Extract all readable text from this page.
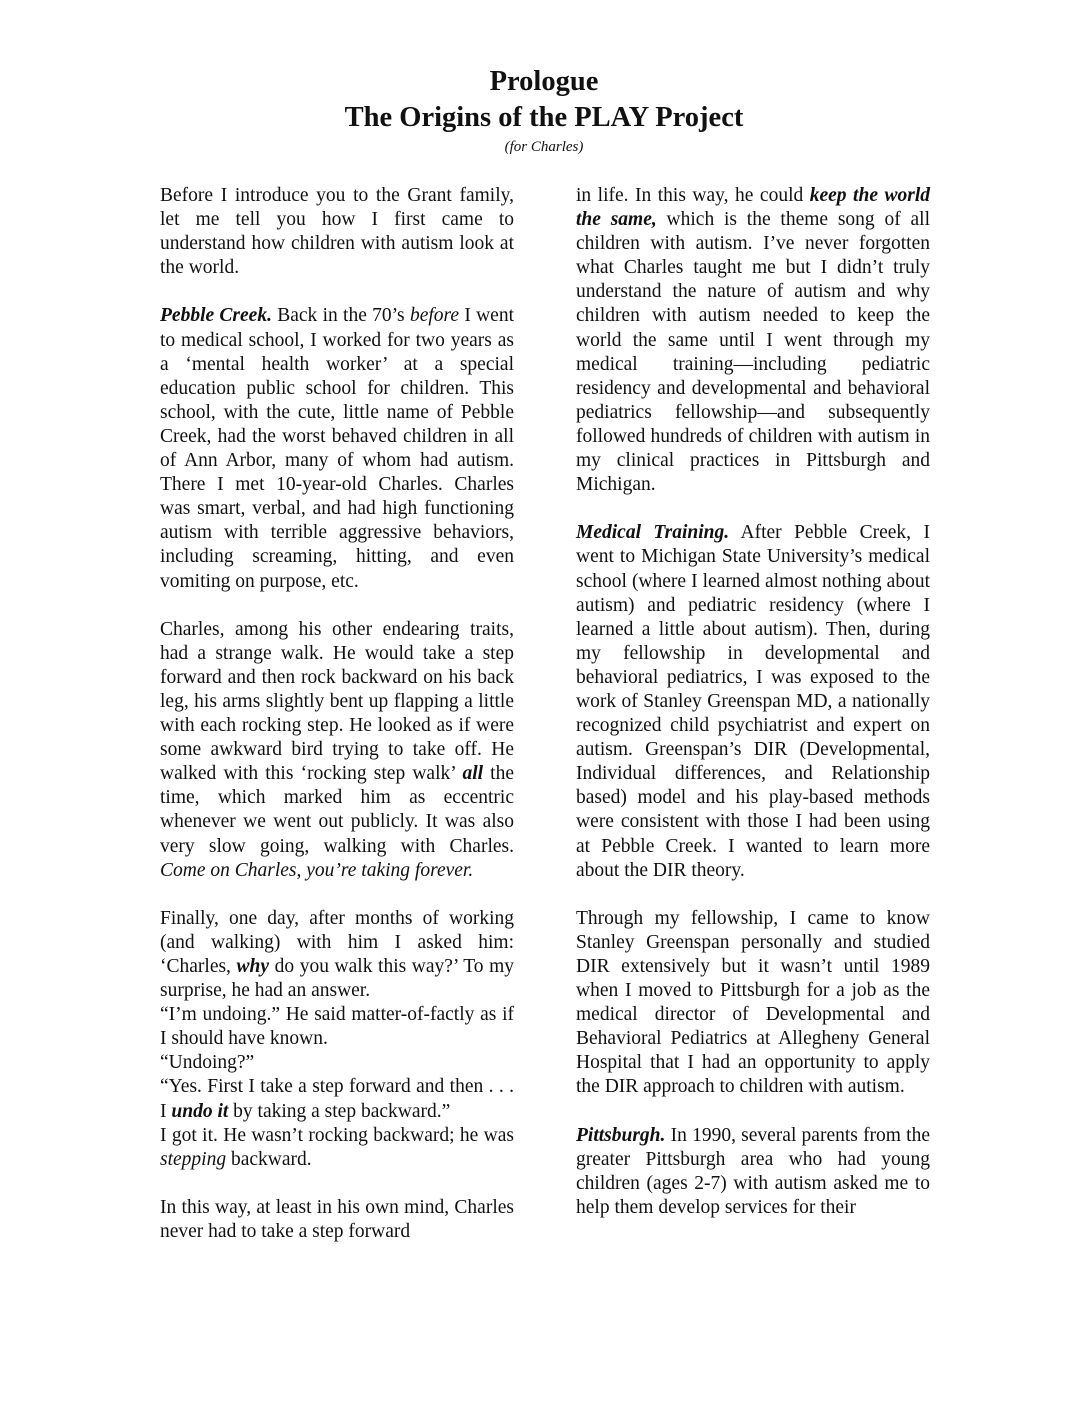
Prologue
The Origins of the PLAY Project
(for Charles)

Before I introduce you to the Grant family, let me tell you how I first came to understand how children with autism look at the world.

Pebble Creek. Back in the 70’s before I went to medical school, I worked for two years as a ‘mental health worker’ at a special education public school for children. This school, with the cute, little name of Pebble Creek, had the worst behaved children in all of Ann Arbor, many of whom had autism. There I met 10-year-old Charles. Charles was smart, verbal, and had high functioning autism with terrible aggressive behaviors, including screaming, hitting, and even vomiting on purpose, etc.

Charles, among his other endearing traits, had a strange walk. He would take a step forward and then rock backward on his back leg, his arms slightly bent up flapping a little with each rocking step. He looked as if were some awkward bird trying to take off. He walked with this ‘rocking step walk’ all the time, which marked him as eccentric whenever we went out publicly. It was also very slow going, walking with Charles. Come on Charles, you’re taking forever.

Finally, one day, after months of working (and walking) with him I asked him: ‘Charles, why do you walk this way?’ To my surprise, he had an answer.

“I’m undoing.” He said matter-of-factly as if I should have known.

“Undoing?”

“Yes. First I take a step forward and then . . . I undo it by taking a step backward.”

I got it. He wasn’t rocking backward; he was stepping backward.

In this way, at least in his own mind, Charles never had to take a step forward

in life. In this way, he could keep the world the same, which is the theme song of all children with autism. I’ve never forgotten what Charles taught me but I didn’t truly understand the nature of autism and why children with autism needed to keep the world the same until I went through my medical training—including pediatric residency and developmental and behavioral pediatrics fellowship—and subsequently followed hundreds of children with autism in my clinical practices in Pittsburgh and Michigan.

Medical Training. After Pebble Creek, I went to Michigan State University’s medical school (where I learned almost nothing about autism) and pediatric residency (where I learned a little about autism). Then, during my fellowship in developmental and behavioral pediatrics, I was exposed to the work of Stanley Greenspan MD, a nationally recognized child psychiatrist and expert on autism. Greenspan’s DIR (Developmental, Individual differences, and Relationship based) model and his play-based methods were consistent with those I had been using at Pebble Creek. I wanted to learn more about the DIR theory.

Through my fellowship, I came to know Stanley Greenspan personally and studied DIR extensively but it wasn’t until 1989 when I moved to Pittsburgh for a job as the medical director of Developmental and Behavioral Pediatrics at Allegheny General Hospital that I had an opportunity to apply the DIR approach to children with autism.

Pittsburgh. In 1990, several parents from the greater Pittsburgh area who had young children (ages 2-7) with autism asked me to help them develop services for their
